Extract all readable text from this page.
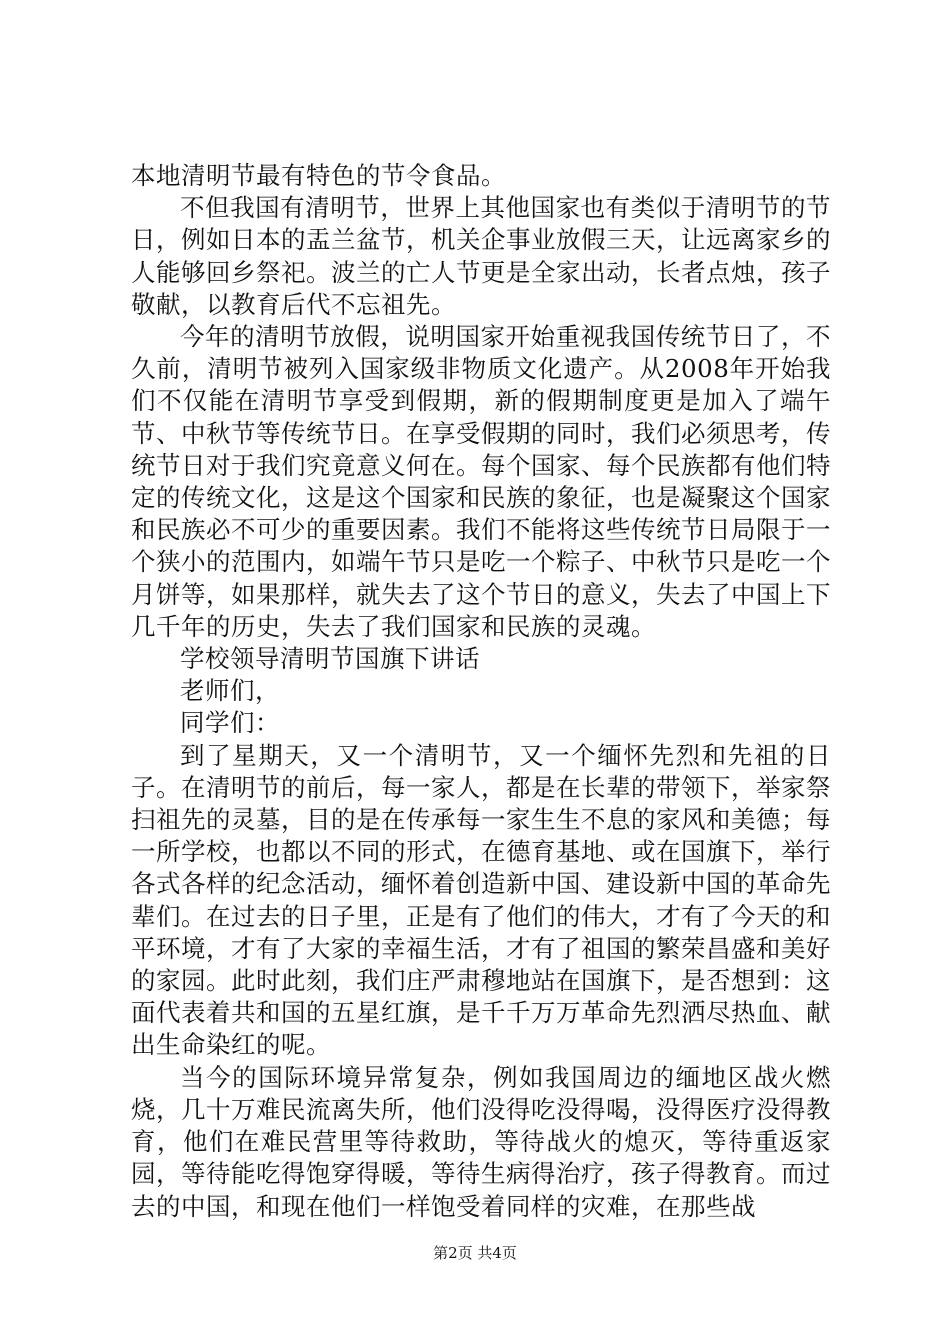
本地清明节最有特色的节令食品。

不但我国有清明节，世界上其他国家也有类似于清明节的节日，例如日本的盂兰盆节，机关企事业放假三天，让远离家乡的人能够回乡祭祀。波兰的亡人节更是全家出动，长者点烛，孩子敬献，以教育后代不忘祖先。

今年的清明节放假，说明国家开始重视我国传统节日了，不久前，清明节被列入国家级非物质文化遗产。从2008年开始我们不仅能在清明节享受到假期，新的假期制度更是加入了端午节、中秋节等传统节日。在享受假期的同时，我们必须思考，传统节日对于我们究竟意义何在。每个国家、每个民族都有他们特定的传统文化，这是这个国家和民族的象征，也是凝聚这个国家和民族必不可少的重要因素。我们不能将这些传统节日局限于一个狭小的范围内，如端午节只是吃一个粽子、中秋节只是吃一个月饼等，如果那样，就失去了这个节日的意义，失去了中国上下几千年的历史，失去了我们国家和民族的灵魂。

学校领导清明节国旗下讲话

老师们，

同学们：

到了星期天，又一个清明节，又一个缅怀先烈和先祖的日子。在清明节的前后，每一家人，都是在长辈的带领下，举家祭扫祖先的灵墓，目的是在传承每一家生生不息的家风和美德；每一所学校，也都以不同的形式，在德育基地、或在国旗下，举行各式各样的纪念活动，缅怀着创造新中国、建设新中国的革命先辈们。在过去的日子里，正是有了他们的伟大，才有了今天的和平环境，才有了大家的幸福生活，才有了祖国的繁荣昌盛和美好的家园。此时此刻，我们庄严肃穆地站在国旗下，是否想到：这面代表着共和国的五星红旗，是千千万万革命先烈洒尽热血、献出生命染红的呢。

当今的国际环境异常复杂，例如我国周边的缅地区战火燃烧，几十万难民流离失所，他们没得吃没得喝，没得医疗没得教育，他们在难民营里等待救助，等待战火的熄灭，等待重返家园，等待能吃得饱穿得暖，等待生病得治疗，孩子得教育。而过去的中国，和现在他们一样饱受着同样的灾难，在那些战

第2页 共4页
